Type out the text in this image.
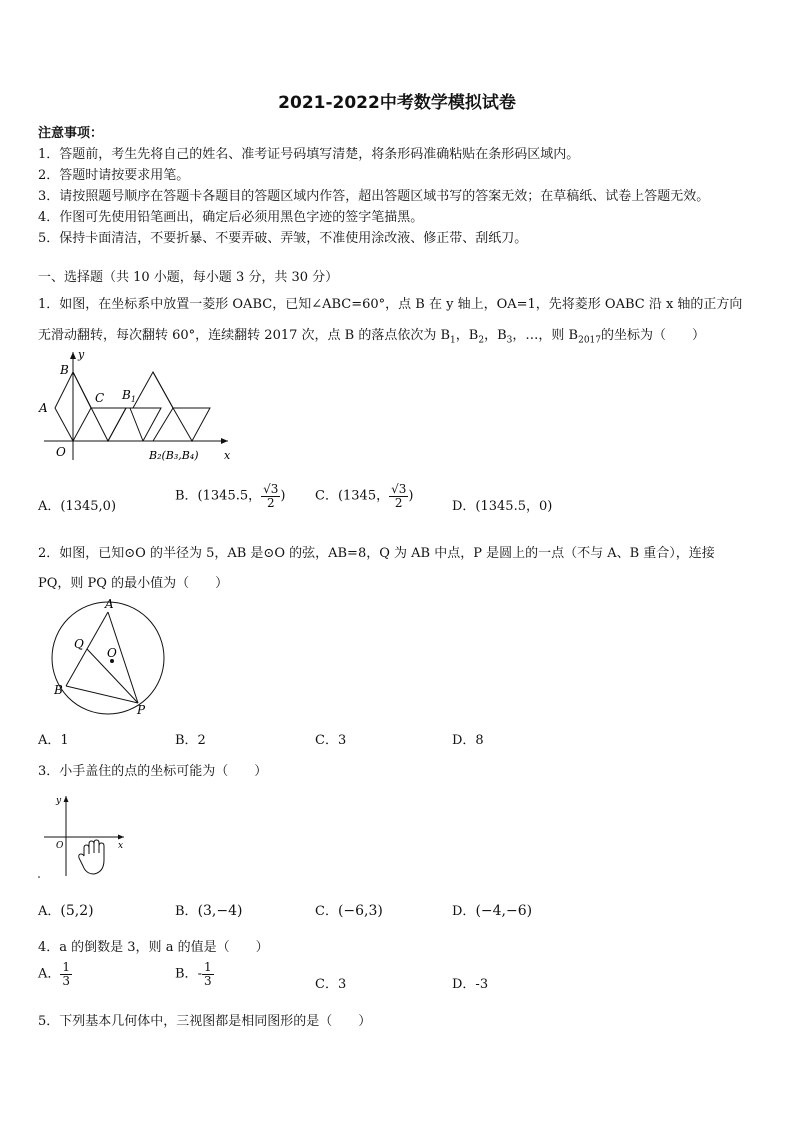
2021-2022中考数学模拟试卷
注意事项：
1．答题前，考生先将自己的姓名、准考证号码填写清楚，将条形码准确粘贴在条形码区域内。
2．答题时请按要求用笔。
3．请按照题号顺序在答题卡各题目的答题区域内作答，超出答题区域书写的答案无效；在草稿纸、试卷上答题无效。
4．作图可先使用铅笔画出，确定后必须用黑色字迹的签字笔描黑。
5．保持卡面清洁，不要折暴、不要弄破、弄皱，不准使用涂改液、修正带、刮纸刀。
一、选择题（共 10 小题，每小题 3 分，共 30 分）
1．如图，在坐标系中放置一菱形 OABC，已知∠ABC=60°，点 B 在 y 轴上，OA=1，先将菱形 OABC 沿 x 轴的正方向
无滑动翻转，每次翻转 60°，连续翻转 2017 次，点 B 的落点依次为 $B_1$，$B_2$，$B_3$，…，则 $B_{2017}$的坐标为（　　）
B
y
C $B_1$
A
O	x
B₂(B₃,B₄)
A．(1345,0)
B．(1345.5， $\frac{√3}{2}$ ) C．(1345， $\frac{√3}{2}$ )
D．(1345.5，0)
2．如图，已知⊙O 的半径为 5，AB 是⊙O 的弦，AB=8，Q 为 AB 中点，P 是圆上的一点（不与 A、B 重合），连接
PQ，则 PQ 的最小值为（　　）
A
Q
O
B
P
A．1	B．2	C．3	D．8
3．小手盖住的点的坐标可能为（　　）
y
O	x
A．(5,2)	B．(3,−4)	C．(−6,3)	D．(−4,−6)
4．a 的倒数是 3，则 a 的值是（　　）
A． $\frac{1}{3}$	B．- $\frac{1}{3}$	C．3	D．-3
5．下列基本几何体中，三视图都是相同图形的是（　　）
